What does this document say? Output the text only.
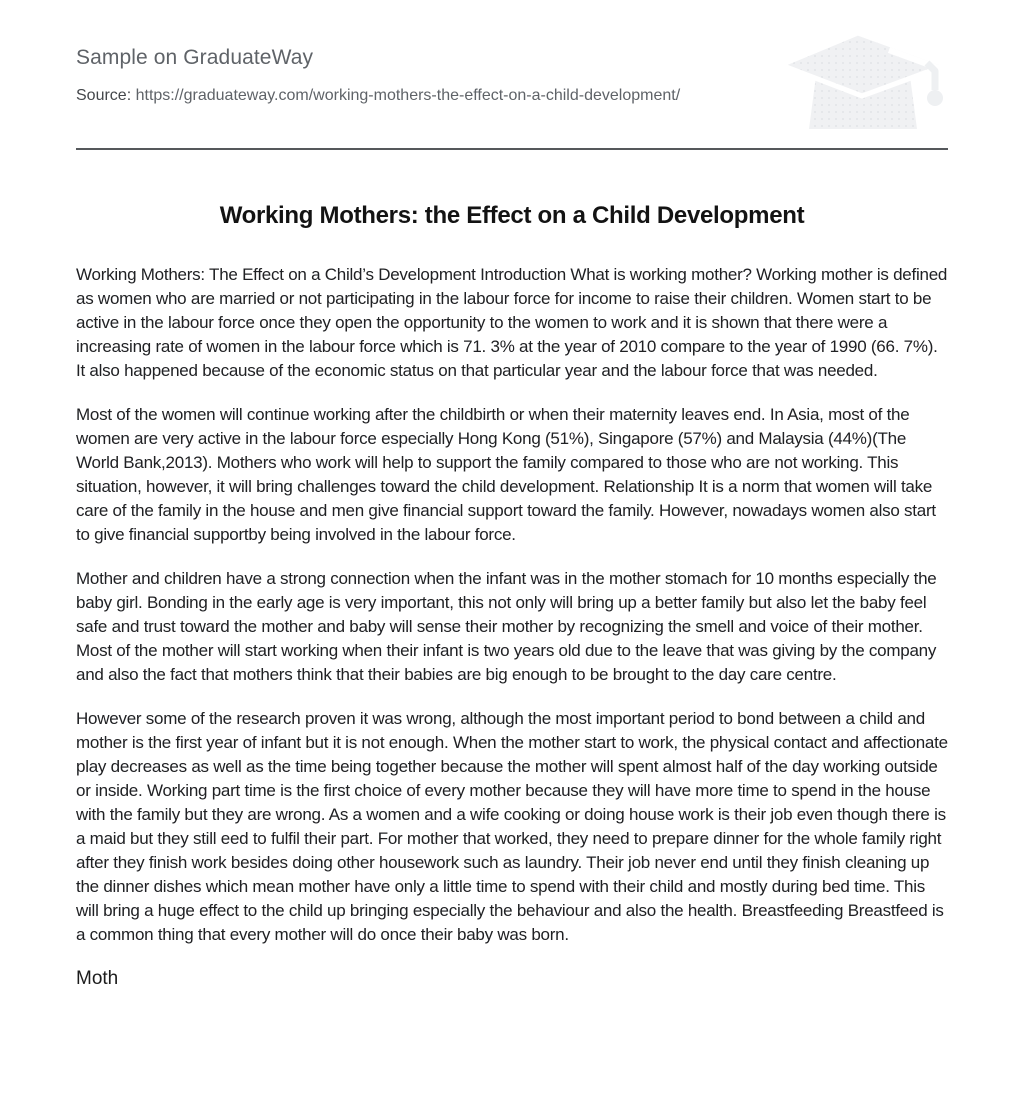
Sample on GraduateWay

Source: https://graduateway.com/working-mothers-the-effect-on-a-child-development/

Working Mothers: the Effect on a Child Development

Working Mothers: The Effect on a Child’s Development Introduction What is working mother? Working mother is defined as women who are married or not participating in the labour force for income to raise their children. Women start to be active in the labour force once they open the opportunity to the women to work and it is shown that there were a increasing rate of women in the labour force which is 71. 3% at the year of 2010 compare to the year of 1990 (66. 7%). It also happened because of the economic status on that particular year and the labour force that was needed.

Most of the women will continue working after the childbirth or when their maternity leaves end. In Asia, most of the women are very active in the labour force especially Hong Kong (51%), Singapore (57%) and Malaysia (44%)(The World Bank,2013). Mothers who work will help to support the family compared to those who are not working. This situation, however, it will bring challenges toward the child development. Relationship It is a norm that women will take care of the family in the house and men give financial support toward the family. However, nowadays women also start to give financial supportby being involved in the labour force.

Mother and children have a strong connection when the infant was in the mother stomach for 10 months especially the baby girl. Bonding in the early age is very important, this not only will bring up a better family but also let the baby feel safe and trust toward the mother and baby will sense their mother by recognizing the smell and voice of their mother. Most of the mother will start working when their infant is two years old due to the leave that was giving by the company and also the fact that mothers think that their babies are big enough to be brought to the day care centre.

However some of the research proven it was wrong, although the most important period to bond between a child and mother is the first year of infant but it is not enough. When the mother start to work, the physical contact and affectionate play decreases as well as the time being together because the mother will spent almost half of the day working outside or inside. Working part time is the first choice of every mother because they will have more time to spend in the house with the family but they are wrong. As a women and a wife cooking or doing house work is their job even though there is a maid but they still eed to fulfil their part. For mother that worked, they need to prepare dinner for the whole family right after they finish work besides doing other housework such as laundry. Their job never end until they finish cleaning up the dinner dishes which mean mother have only a little time to spend with their child and mostly during bed time. This will bring a huge effect to the child up bringing especially the behaviour and also the health. Breastfeeding Breastfeed is a common thing that every mother will do once their baby was born.

Moth
